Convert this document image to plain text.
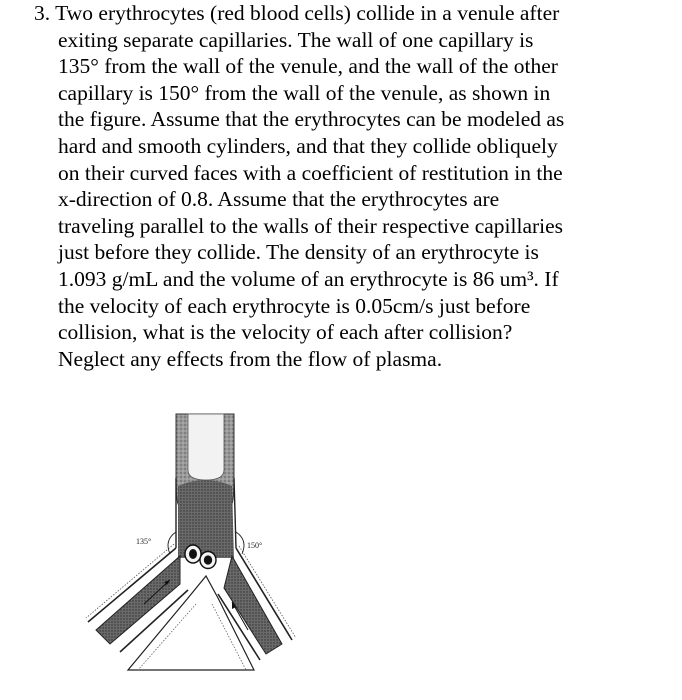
3. Two erythrocytes (red blood cells) collide in a venule after
exiting separate capillaries. The wall of one capillary is
135° from the wall of the venule, and the wall of the other
capillary is 150° from the wall of the venule, as shown in
the figure. Assume that the erythrocytes can be modeled as
hard and smooth cylinders, and that they collide obliquely
on their curved faces with a coefficient of restitution in the
x-direction of 0.8. Assume that the erythrocytes are
traveling parallel to the walls of their respective capillaries
just before they collide. The density of an erythrocyte is
1.093 g/mL and the volume of an erythrocyte is 86 um³. If
the velocity of each erythrocyte is 0.05cm/s just before
collision, what is the velocity of each after collision?
Neglect any effects from the flow of plasma.
135°	150°
